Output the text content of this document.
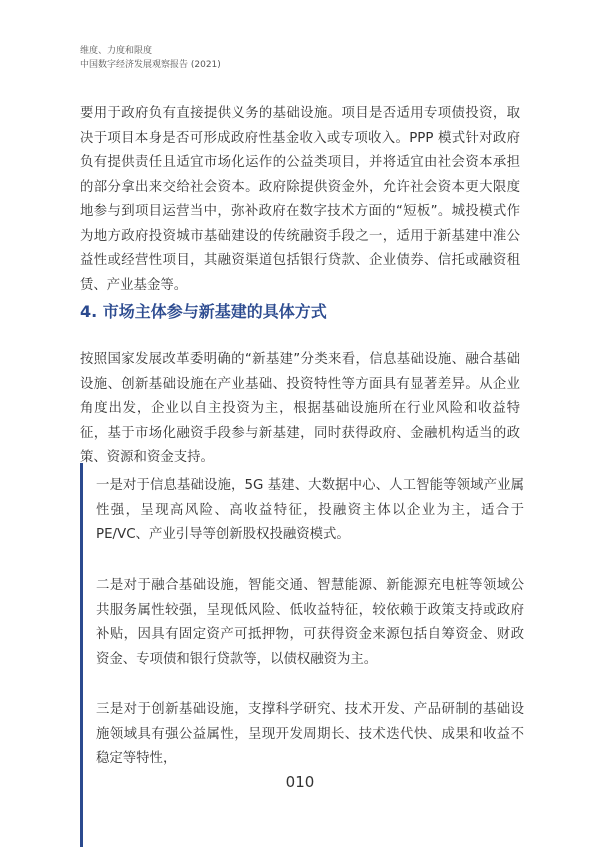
维度、力度和限度
中国数字经济发展观察报告 (2021)
要用于政府负有直接提供义务的基础设施。项目是否适用专项债投资，取决于项目本身是否可形成政府性基金收入或专项收入。PPP 模式针对政府负有提供责任且适宜市场化运作的公益类项目，并将适宜由社会资本承担的部分拿出来交给社会资本。政府除提供资金外，允许社会资本更大限度地参与到项目运营当中，弥补政府在数字技术方面的“短板”。城投模式作为地方政府投资城市基础建设的传统融资手段之一，适用于新基建中准公益性或经营性项目，其融资渠道包括银行贷款、企业债券、信托或融资租赁、产业基金等。
4. 市场主体参与新基建的具体方式
按照国家发展改革委明确的“新基建”分类来看，信息基础设施、融合基础设施、创新基础设施在产业基础、投资特性等方面具有显著差异。从企业角度出发，企业以自主投资为主，根据基础设施所在行业风险和收益特征，基于市场化融资手段参与新基建，同时获得政府、金融机构适当的政策、资源和资金支持。
一是对于信息基础设施，5G 基建、大数据中心、人工智能等领域产业属性强，呈现高风险、高收益特征，投融资主体以企业为主，适合于 PE/VC、产业引导等创新股权投融资模式。
二是对于融合基础设施，智能交通、智慧能源、新能源充电桩等领域公共服务属性较强，呈现低风险、低收益特征，较依赖于政策支持或政府补贴，因具有固定资产可抵押物，可获得资金来源包括自筹资金、财政资金、专项债和银行贷款等，以债权融资为主。
三是对于创新基础设施，支撑科学研究、技术开发、产品研制的基础设施领域具有强公益属性，呈现开发周期长、技术迭代快、成果和收益不稳定等特性，
010
